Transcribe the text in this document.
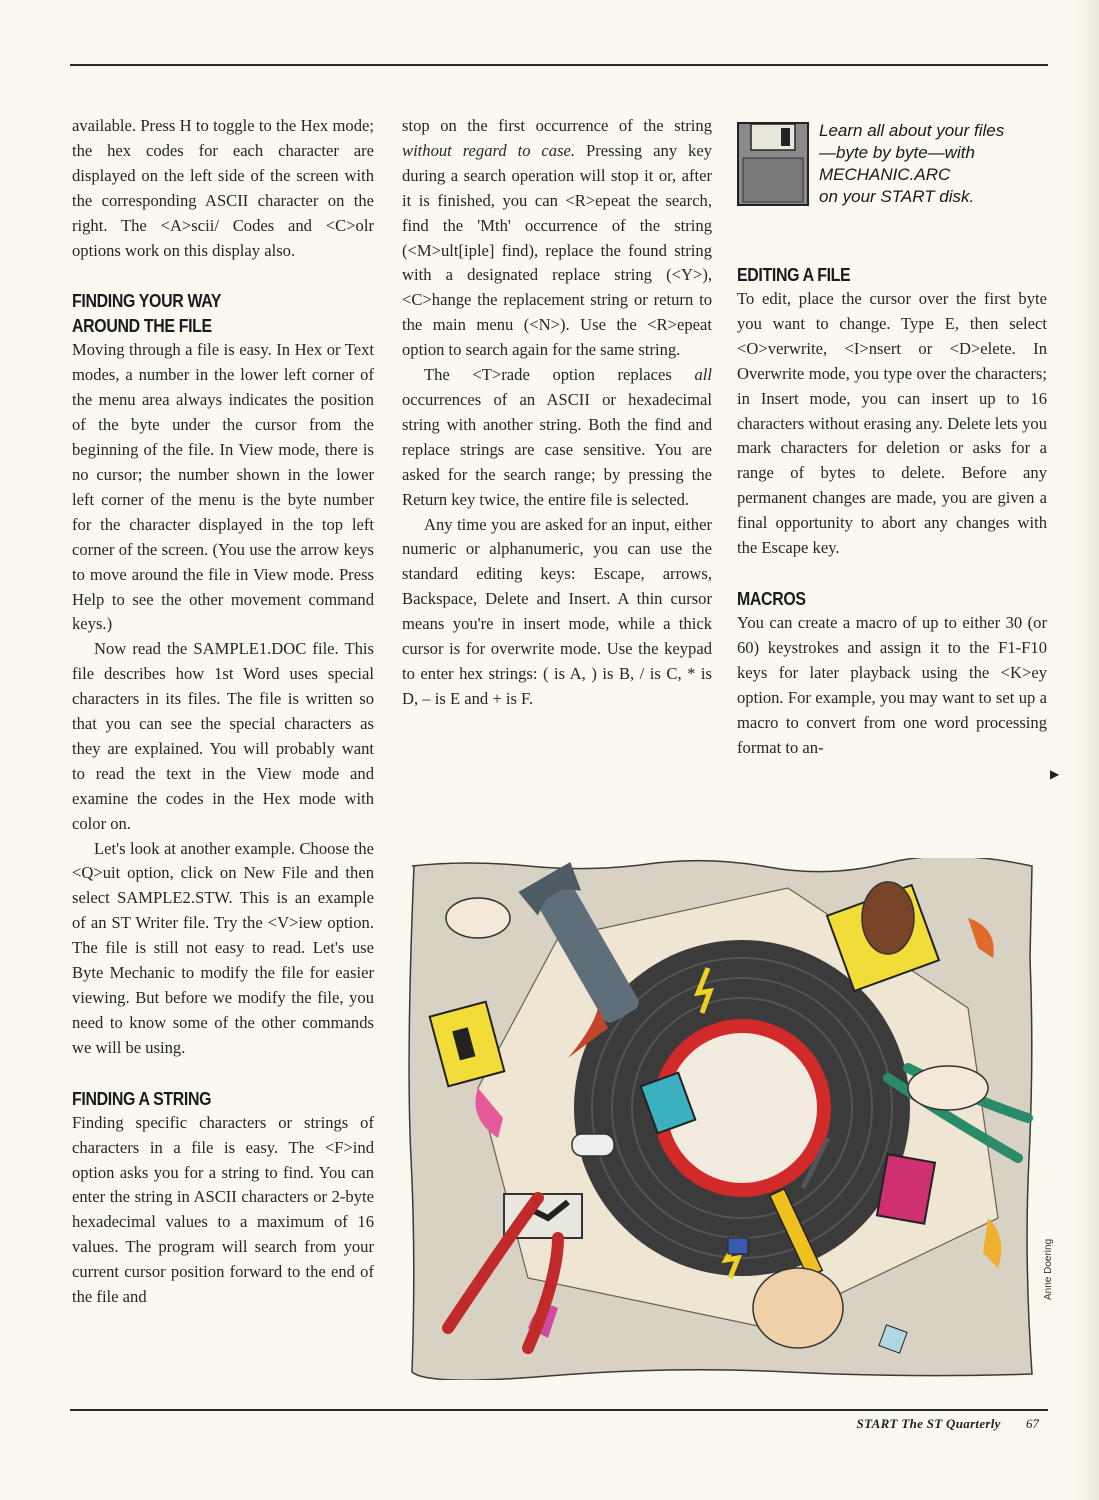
available. Press H to toggle to the Hex mode; the hex codes for each character are displayed on the left side of the screen with the corresponding ASCII character on the right. The <A>scii/ Codes and <C>olr options work on this display also.

FINDING YOUR WAY
AROUND THE FILE

Moving through a file is easy. In Hex or Text modes, a number in the lower left corner of the menu area always indicates the position of the byte under the cursor from the beginning of the file. In View mode, there is no cursor; the number shown in the lower left corner of the menu is the byte number for the character displayed in the top left corner of the screen. (You use the arrow keys to move around the file in View mode. Press Help to see the other movement command keys.)

Now read the SAMPLE1.DOC file. This file describes how 1st Word uses special characters in its files. The file is written so that you can see the special characters as they are explained. You will probably want to read the text in the View mode and examine the codes in the Hex mode with color on.

Let's look at another example. Choose the <Q>uit option, click on New File and then select SAMPLE2.STW. This is an example of an ST Writer file. Try the <V>iew option. The file is still not easy to read. Let's use Byte Mechanic to modify the file for easier viewing. But before we modify the file, you need to know some of the other commands we will be using.

FINDING A STRING

Finding specific characters or strings of characters in a file is easy. The <F>ind option asks you for a string to find. You can enter the string in ASCII characters or 2-byte hexadecimal values to a maximum of 16 values. The program will search from your current cursor position forward to the end of the file and

stop on the first occurrence of the string without regard to case. Pressing any key during a search operation will stop it or, after it is finished, you can <R>epeat the search, find the 'Mth' occurrence of the string (<M>ult[iple] find), replace the found string with a designated replace string (<Y>), <C>hange the replacement string or return to the main menu (<N>). Use the <R>epeat option to search again for the same string.

The <T>rade option replaces all occurrences of an ASCII or hexadecimal string with another string. Both the find and replace strings are case sensitive. You are asked for the search range; by pressing the Return key twice, the entire file is selected.

Any time you are asked for an input, either numeric or alphanumeric, you can use the standard editing keys: Escape, arrows, Backspace, Delete and Insert. A thin cursor means you're in insert mode, while a thick cursor is for overwrite mode. Use the keypad to enter hex strings: ( is A, ) is B, / is C, * is D, – is E and + is F.

Learn all about your files
—byte by byte—with
MECHANIC.ARC
on your START disk.
EDITING A FILE

To edit, place the cursor over the first byte you want to change. Type E, then select <O>verwrite, <I>nsert or <D>elete. In Overwrite mode, you type over the characters; in Insert mode, you can insert up to 16 characters without erasing any. Delete lets you mark characters for deletion or asks for a range of bytes to delete. Before any permanent changes are made, you are given a final opportunity to abort any changes with the Escape key.

MACROS

You can create a macro of up to either 30 (or 60) keystrokes and assign it to the F1-F10 keys for later playback using the <K>ey option. For example, you may want to set up a macro to convert from one word processing format to an-

▶
Anne Doering
START The ST Quarterly 67
